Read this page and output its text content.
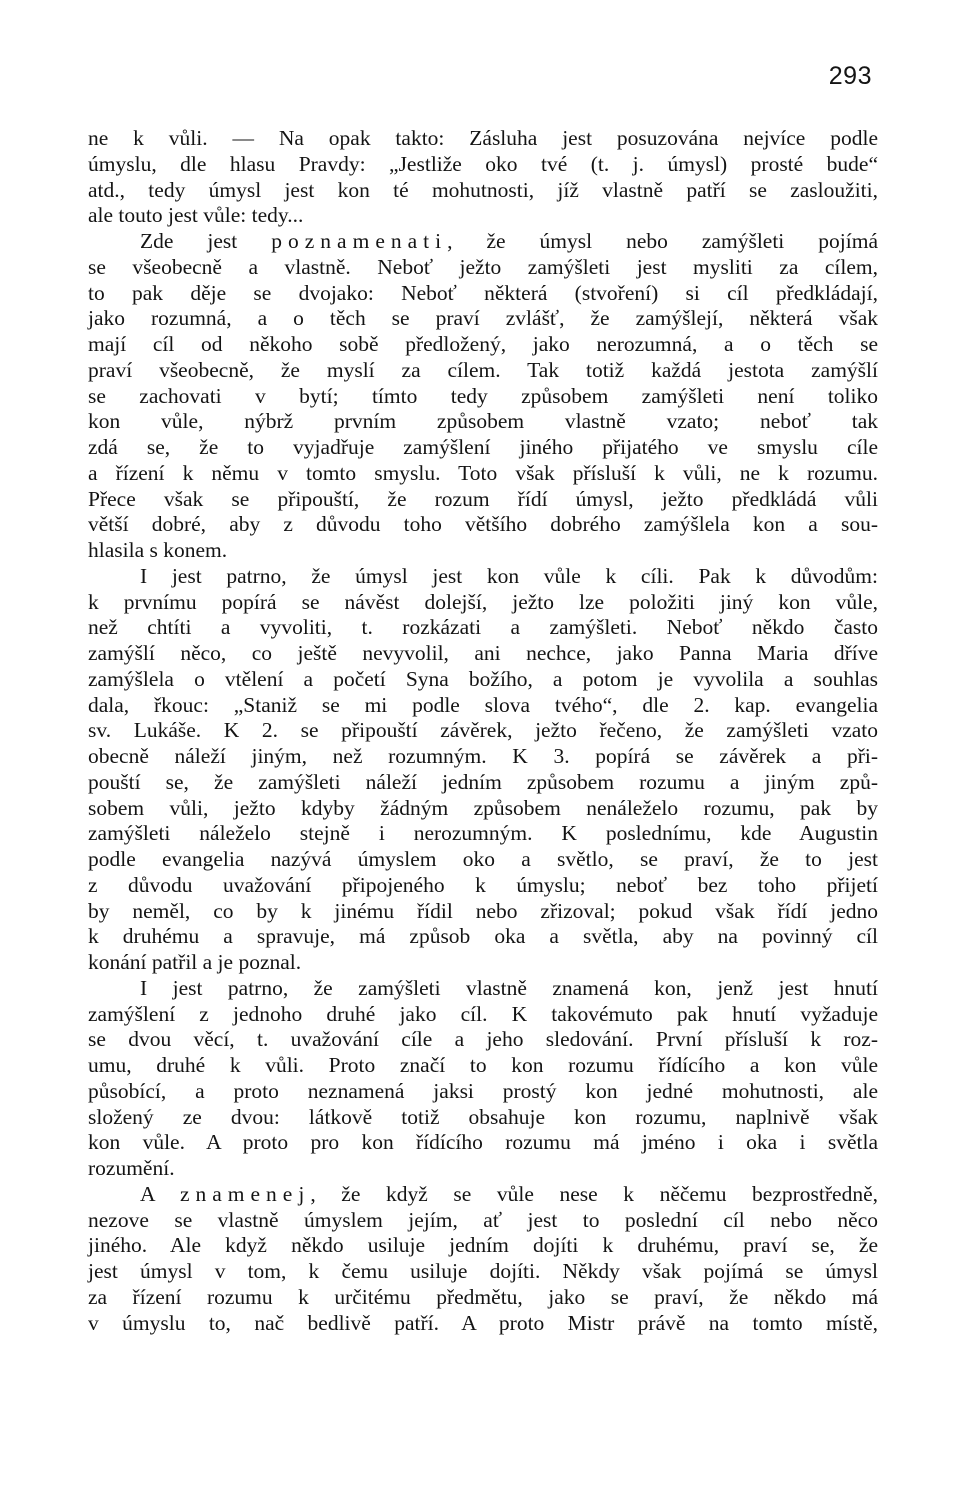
293
ne k vůli. — Na opak takto: Zásluha jest posuzována nejvíce podle
úmyslu, dle hlasu Pravdy: „Jestliže oko tvé (t. j. úmysl) prosté bude“
atd., tedy úmysl jest kon té mohutnosti, jíž vlastně patří se zasloužiti,
ale touto jest vůle: tedy...
Zde jest poznamenati, že úmysl nebo zamýšleti pojímá
se všeobecně a vlastně. Neboť ježto zamýšleti jest mysliti za cílem,
to pak děje se dvojako: Neboť některá (stvoření) si cíl předkládají,
jako rozumná, a o těch se praví zvlášť, že zamýšlejí, některá však
mají cíl od někoho sobě předložený, jako nerozumná, a o těch se
praví všeobecně, že myslí za cílem. Tak totiž každá jestota zamýšlí
se zachovati v bytí; tímto tedy způsobem zamýšleti není toliko
kon vůle, nýbrž prvním způsobem vlastně vzato; neboť tak
zdá se, že to vyjadřuje zamýšlení jiného přijatého ve smyslu cíle
a řízení k němu v tomto smyslu. Toto však přísluší k vůli, ne k rozumu.
Přece však se připouští, že rozum řídí úmysl, ježto předkládá vůli
větší dobré, aby z důvodu toho většího dobrého zamýšlela kon a sou-
hlasila s konem.
I jest patrno, že úmysl jest kon vůle k cíli. Pak k důvodům:
k prvnímu popírá se návěst dolejší, ježto lze položiti jiný kon vůle,
než chtíti a vyvoliti, t. rozkázati a zamýšleti. Neboť někdo často
zamýšlí něco, co ještě nevyvolil, ani nechce, jako Panna Maria dříve
zamýšlela o vtělení a početí Syna božího, a potom je vyvolila a souhlas
dala, řkouc: „Staniž se mi podle slova tvého“, dle 2. kap. evangelia
sv. Lukáše. K 2. se připouští závěrek, ježto řečeno, že zamýšleti vzato
obecně náleží jiným, než rozumným. K 3. popírá se závěrek a při-
pouští se, že zamýšleti náleží jedním způsobem rozumu a jiným způ-
sobem vůli, ježto kdyby žádným způsobem nenáleželo rozumu, pak by
zamýšleti náleželo stejně i nerozumným. K poslednímu, kde Augustin
podle evangelia nazývá úmyslem oko a světlo, se praví, že to jest
z důvodu uvažování připojeného k úmyslu; neboť bez toho přijetí
by neměl, co by k jinému řídil nebo zřizoval; pokud však řídí jedno
k druhému a spravuje, má způsob oka a světla, aby na povinný cíl
konání patřil a je poznal.
I jest patrno, že zamýšleti vlastně znamená kon, jenž jest hnutí
zamýšlení z jednoho druhé jako cíl. K takovémuto pak hnutí vyžaduje
se dvou věcí, t. uvažování cíle a jeho sledování. První přísluší k roz-
umu, druhé k vůli. Proto značí to kon rozumu řídícího a kon vůle
působící, a proto neznamená jaksi prostý kon jedné mohutnosti, ale
složený ze dvou: látkově totiž obsahuje kon rozumu, naplnivě však
kon vůle. A proto pro kon řídícího rozumu má jméno i oka i světla
rozumění.
A znamenej, že když se vůle nese k něčemu bezprostředně,
nezove se vlastně úmyslem jejím, ať jest to poslední cíl nebo něco
jiného. Ale když někdo usiluje jedním dojíti k druhému, praví se, že
jest úmysl v tom, k čemu usiluje dojíti. Někdy však pojímá se úmysl
za řízení rozumu k určitému předmětu, jako se praví, že někdo má
v úmyslu to, nač bedlivě patří. A proto Mistr právě na tomto místě,
